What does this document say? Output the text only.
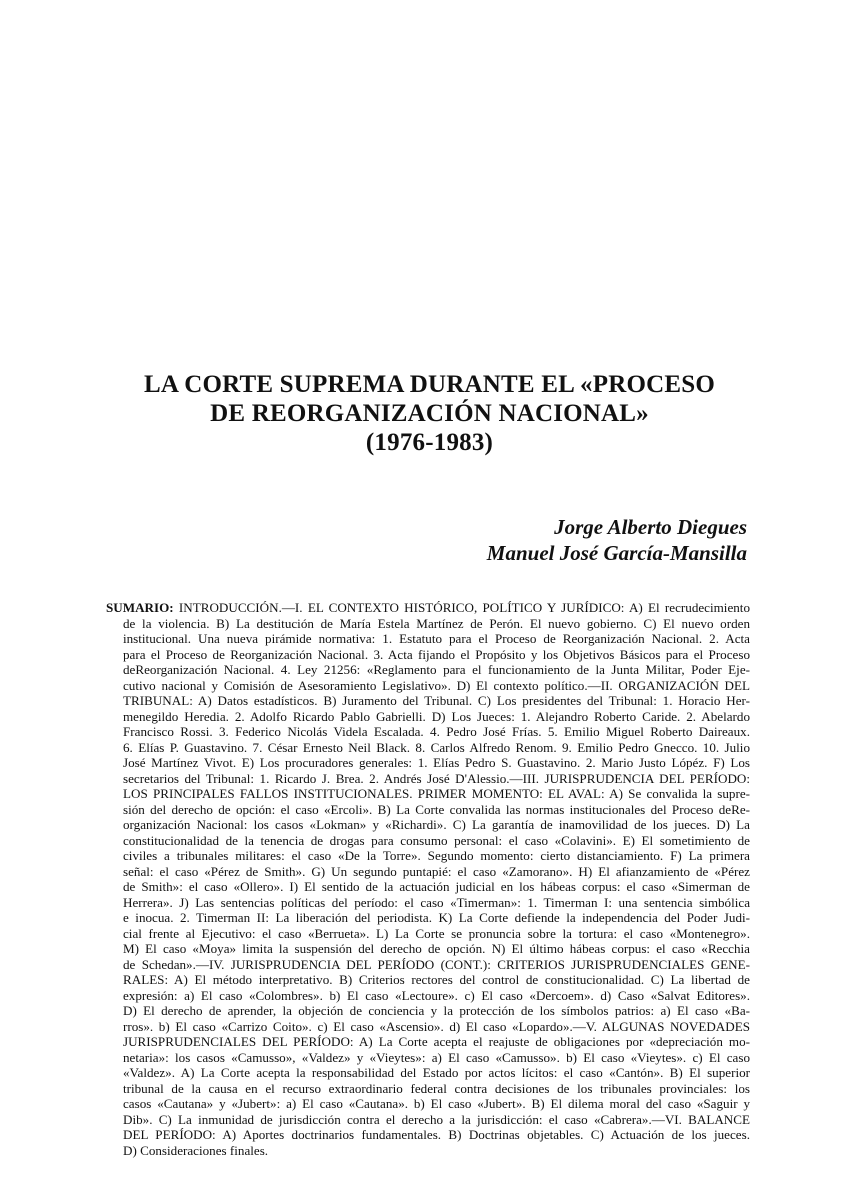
LA CORTE SUPREMA DURANTE EL «PROCESO
DE REORGANIZACIÓN NACIONAL»
(1976-1983)
Jorge Alberto Diegues
Manuel José García-Mansilla
SUMARIO: INTRODUCCIÓN.—I. EL CONTEXTO HISTÓRICO, POLÍTICO Y JURÍDICO: A) El recrudecimiento
de la violencia. B) La destitución de María Estela Martínez de Perón. El nuevo gobierno. C) El nuevo orden
institucional. Una nueva pirámide normativa: 1. Estatuto para el Proceso de Reorganización Nacional. 2. Acta
para el Proceso de Reorganización Nacional. 3. Acta fijando el Propósito y los Objetivos Básicos para el Proceso
deReorganización Nacional. 4. Ley 21256: «Reglamento para el funcionamiento de la Junta Militar, Poder Eje-
cutivo nacional y Comisión de Asesoramiento Legislativo». D) El contexto político.—II. ORGANIZACIÓN DEL
TRIBUNAL: A) Datos estadísticos. B) Juramento del Tribunal. C) Los presidentes del Tribunal: 1. Horacio Her-
menegildo Heredia. 2. Adolfo Ricardo Pablo Gabrielli. D) Los Jueces: 1. Alejandro Roberto Caride. 2. Abelardo
Francisco Rossi. 3. Federico Nicolás Videla Escalada. 4. Pedro José Frías. 5. Emilio Miguel Roberto Daireaux.
6. Elías P. Guastavino. 7. César Ernesto Neil Black. 8. Carlos Alfredo Renom. 9. Emilio Pedro Gnecco. 10. Julio
José Martínez Vivot. E) Los procuradores generales: 1. Elías Pedro S. Guastavino. 2. Mario Justo Lópéz. F) Los
secretarios del Tribunal: 1. Ricardo J. Brea. 2. Andrés José D'Alessio.—III. JURISPRUDENCIA DEL PERÍODO:
LOS PRINCIPALES FALLOS INSTITUCIONALES. PRIMER MOMENTO: EL AVAL: A) Se convalida la supre-
sión del derecho de opción: el caso «Ercoli». B) La Corte convalida las normas institucionales del Proceso deRe-
organización Nacional: los casos «Lokman» y «Richardi». C) La garantía de inamovilidad de los jueces. D) La
constitucionalidad de la tenencia de drogas para consumo personal: el caso «Colavini». E) El sometimiento de
civiles a tribunales militares: el caso «De la Torre». Segundo momento: cierto distanciamiento. F) La primera
señal: el caso «Pérez de Smith». G) Un segundo puntapié: el caso «Zamorano». H) El afianzamiento de «Pérez
de Smith»: el caso «Ollero». I) El sentido de la actuación judicial en los hábeas corpus: el caso «Simerman de
Herrera». J) Las sentencias políticas del período: el caso «Timerman»: 1. Timerman I: una sentencia simbólica
e inocua. 2. Timerman II: La liberación del periodista. K) La Corte defiende la independencia del Poder Judi-
cial frente al Ejecutivo: el caso «Berrueta». L) La Corte se pronuncia sobre la tortura: el caso «Montenegro».
M) El caso «Moya» limita la suspensión del derecho de opción. N) El último hábeas corpus: el caso «Recchia
de Schedan».—IV. JURISPRUDENCIA DEL PERÍODO (CONT.): CRITERIOS JURISPRUDENCIALES GENE-
RALES: A) El método interpretativo. B) Criterios rectores del control de constitucionalidad. C) La libertad de
expresión: a) El caso «Colombres». b) El caso «Lectoure». c) El caso «Dercoem». d) Caso «Salvat Editores».
D) El derecho de aprender, la objeción de conciencia y la protección de los símbolos patrios: a) El caso «Ba-
rros». b) El caso «Carrizo Coito». c) El caso «Ascensio». d) El caso «Lopardo».—V. ALGUNAS NOVEDADES
JURISPRUDENCIALES DEL PERÍODO: A) La Corte acepta el reajuste de obligaciones por «depreciación mo-
netaria»: los casos «Camusso», «Valdez» y «Vieytes»: a) El caso «Camusso». b) El caso «Vieytes». c) El caso
«Valdez». A) La Corte acepta la responsabilidad del Estado por actos lícitos: el caso «Cantón». B) El superior
tribunal de la causa en el recurso extraordinario federal contra decisiones de los tribunales provinciales: los
casos «Cautana» y «Jubert»: a) El caso «Cautana». b) El caso «Jubert». B) El dilema moral del caso «Saguir y
Dib». C) La inmunidad de jurisdicción contra el derecho a la jurisdicción: el caso «Cabrera».—VI. BALANCE
DEL PERÍODO: A) Aportes doctrinarios fundamentales. B) Doctrinas objetables. C) Actuación de los jueces.
D) Consideraciones finales.
